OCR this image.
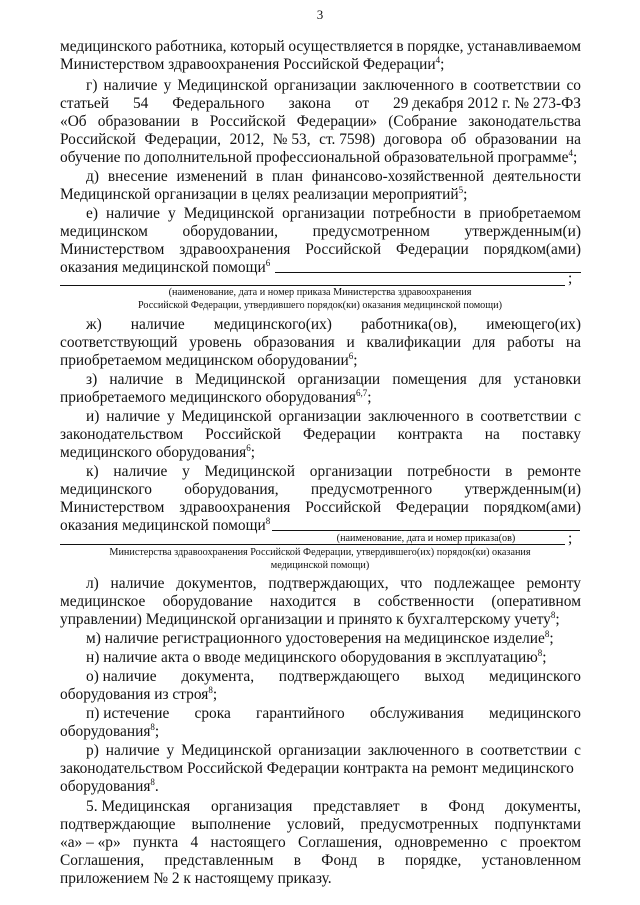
3
медицинского работника, который осуществляется в порядке, устанавливаемом
Министерством здравоохранения Российской Федерации$^4$;
г) наличие у Медицинской организации заключенного в соответствии со
статьей 54 Федерального закона от 29 декабря 2012 г. № 273-ФЗ
«Об образовании в Российской Федерации» (Собрание законодательства
Российской Федерации, 2012, № 53, ст. 7598) договора об образовании на
обучение по дополнительной профессиональной образовательной программе$^4$;
д) внесение изменений в план финансово-хозяйственной деятельности
Медицинской организации в целях реализации мероприятий$^5$;
е) наличие у Медицинской организации потребности в приобретаемом
медицинском оборудовании, предусмотренном утвержденным(и)
Министерством здравоохранения Российской Федерации порядком(ами)
оказания медицинской помощи$^6$
;
(наименование, дата и номер приказа Министерства здравоохранения
Российской Федерации, утвердившего порядок(ки) оказания медицинской помощи)
ж) наличие медицинского(их) работника(ов), имеющего(их)
соответствующий уровень образования и квалификации для работы на
приобретаемом медицинском оборудовании$^6$;
з) наличие в Медицинской организации помещения для установки
приобретаемого медицинского оборудования$^{6,7}$;
и) наличие у Медицинской организации заключенного в соответствии с
законодательством Российской Федерации контракта на поставку
медицинского оборудования$^6$;
к) наличие у Медицинской организации потребности в ремонте
медицинского оборудования, предусмотренного утвержденным(и)
Министерством здравоохранения Российской Федерации порядком(ами)
оказания медицинской помощи$^8$
(наименование, дата и номер приказа(ов)	;
Министерства здравоохранения Российской Федерации, утвердившего(их) порядок(ки) оказания
медицинской помощи)
л) наличие документов, подтверждающих, что подлежащее ремонту
медицинское оборудование находится в собственности (оперативном
управлении) Медицинской организации и принято к бухгалтерскому учету$^8$;
м) наличие регистрационного удостоверения на медицинское изделие$^8$;
н) наличие акта о вводе медицинского оборудования в эксплуатацию$^8$;
о) наличие документа, подтверждающего выход медицинского
оборудования из строя$^8$;
п) истечение срока гарантийного обслуживания медицинского
оборудования$^8$;
р) наличие у Медицинской организации заключенного в соответствии с
законодательством Российской Федерации контракта на ремонт медицинского
оборудования$^8$.
5. Медицинская организация представляет в Фонд документы,
подтверждающие выполнение условий, предусмотренных подпунктами
«а» – «р» пункта 4 настоящего Соглашения, одновременно с проектом
Соглашения, представленным в Фонд в порядке, установленном
приложением № 2 к настоящему приказу.
